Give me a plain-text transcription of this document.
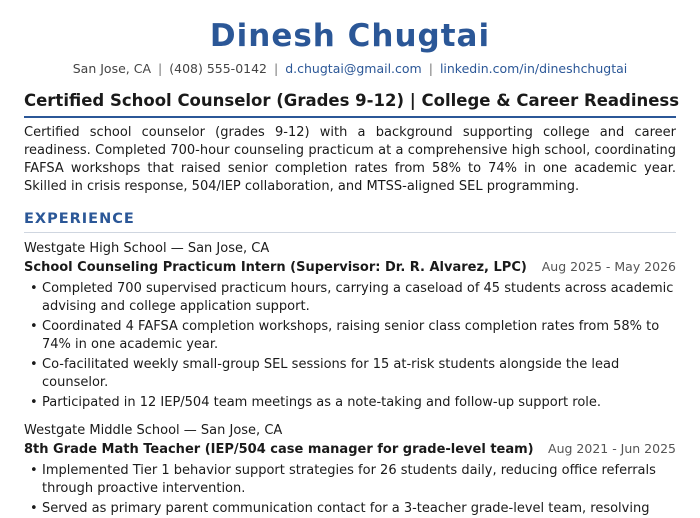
Dinesh Chugtai
San Jose, CA | (408) 555-0142 | d.chugtai@gmail.com | linkedin.com/in/dineshchugtai
Certified School Counselor (Grades 9-12) | College & Career Readiness
Certified school counselor (grades 9-12) with a background supporting college and career readiness. Completed 700-hour counseling practicum at a comprehensive high school, coordinating FAFSA workshops that raised senior completion rates from 58% to 74% in one academic year. Skilled in crisis response, 504/IEP collaboration, and MTSS-aligned SEL programming.
EXPERIENCE
Westgate High School — San Jose, CA
School Counseling Practicum Intern (Supervisor: Dr. R. Alvarez, LPC) Aug 2025 - May 2026
• Completed 700 supervised practicum hours, carrying a caseload of 45 students across academic advising and college application support.
• Coordinated 4 FAFSA completion workshops, raising senior class completion rates from 58% to 74% in one academic year.
• Co-facilitated weekly small-group SEL sessions for 15 at-risk students alongside the lead counselor.
• Participated in 12 IEP/504 team meetings as a note-taking and follow-up support role.
Westgate Middle School — San Jose, CA
8th Grade Math Teacher (IEP/504 case manager for grade-level team) Aug 2021 - Jun 2025
• Implemented Tier 1 behavior support strategies for 26 students daily, reducing office referrals through proactive intervention.
• Served as primary parent communication contact for a 3-teacher grade-level team, resolving
